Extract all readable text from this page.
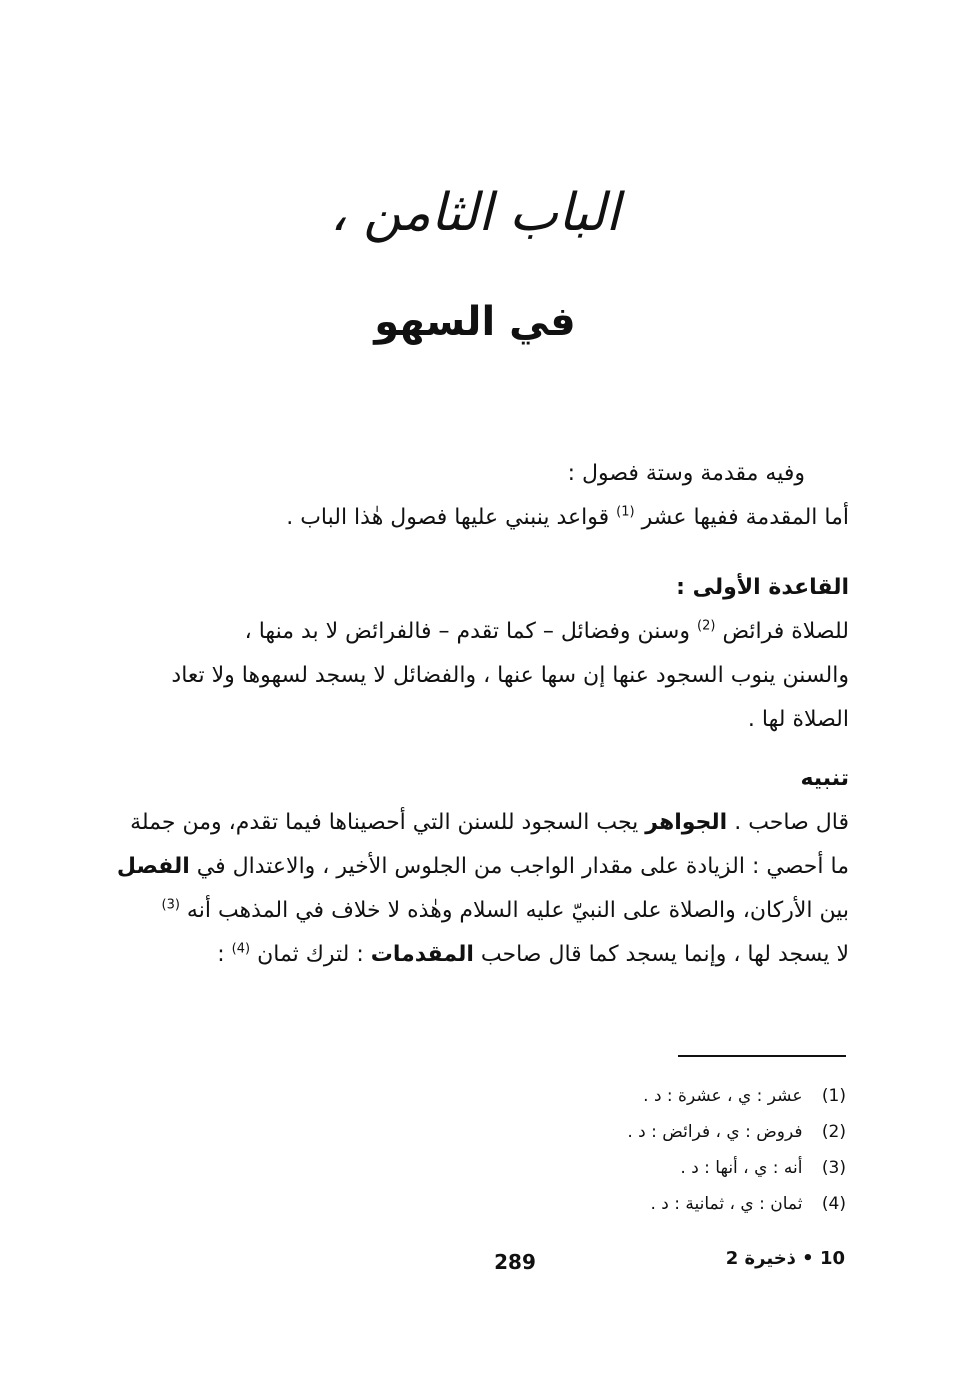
الباب الثامن ،
في السهو
وفيه مقدمة وستة فصول :
أما المقدمة ففيها عشر $^{(1)}$ قواعد ينبني عليها فصول هٰذا الباب .
القاعدة الأولى :
للصلاة فرائض $^{(2)}$ وسنن وفضائل – كما تقدم – فالفرائض لا بد منها ،
والسنن ينوب السجود عنها إن سها عنها ، والفضائل لا يسجد لسهوها ولا تعاد
الصلاة لها .
تنبيه
قال صاحب . الجواهر يجب السجود للسنن التي أحصيناها فيما تقدم، ومن جملة
ما أحصي : الزيادة على مقدار الواجب من الجلوس الأخير ، والاعتدال في الفصل
بين الأركان، والصلاة على النبيّ عليه السلام وهٰذه لا خلاف في المذهب أنه $^{(3)}$
لا يسجد لها ، وإنما يسجد كما قال صاحب المقدمات : لترك ثمان $^{(4)}$ :
(1) عشر : ي ، عشرة : د .
(2) فروض : ي ، فرائض : د .
(3) أنه : ي ، أنها : د .
(4) ثمان : ي ، ثمانية : د .
289	10 • ذخيرة 2
